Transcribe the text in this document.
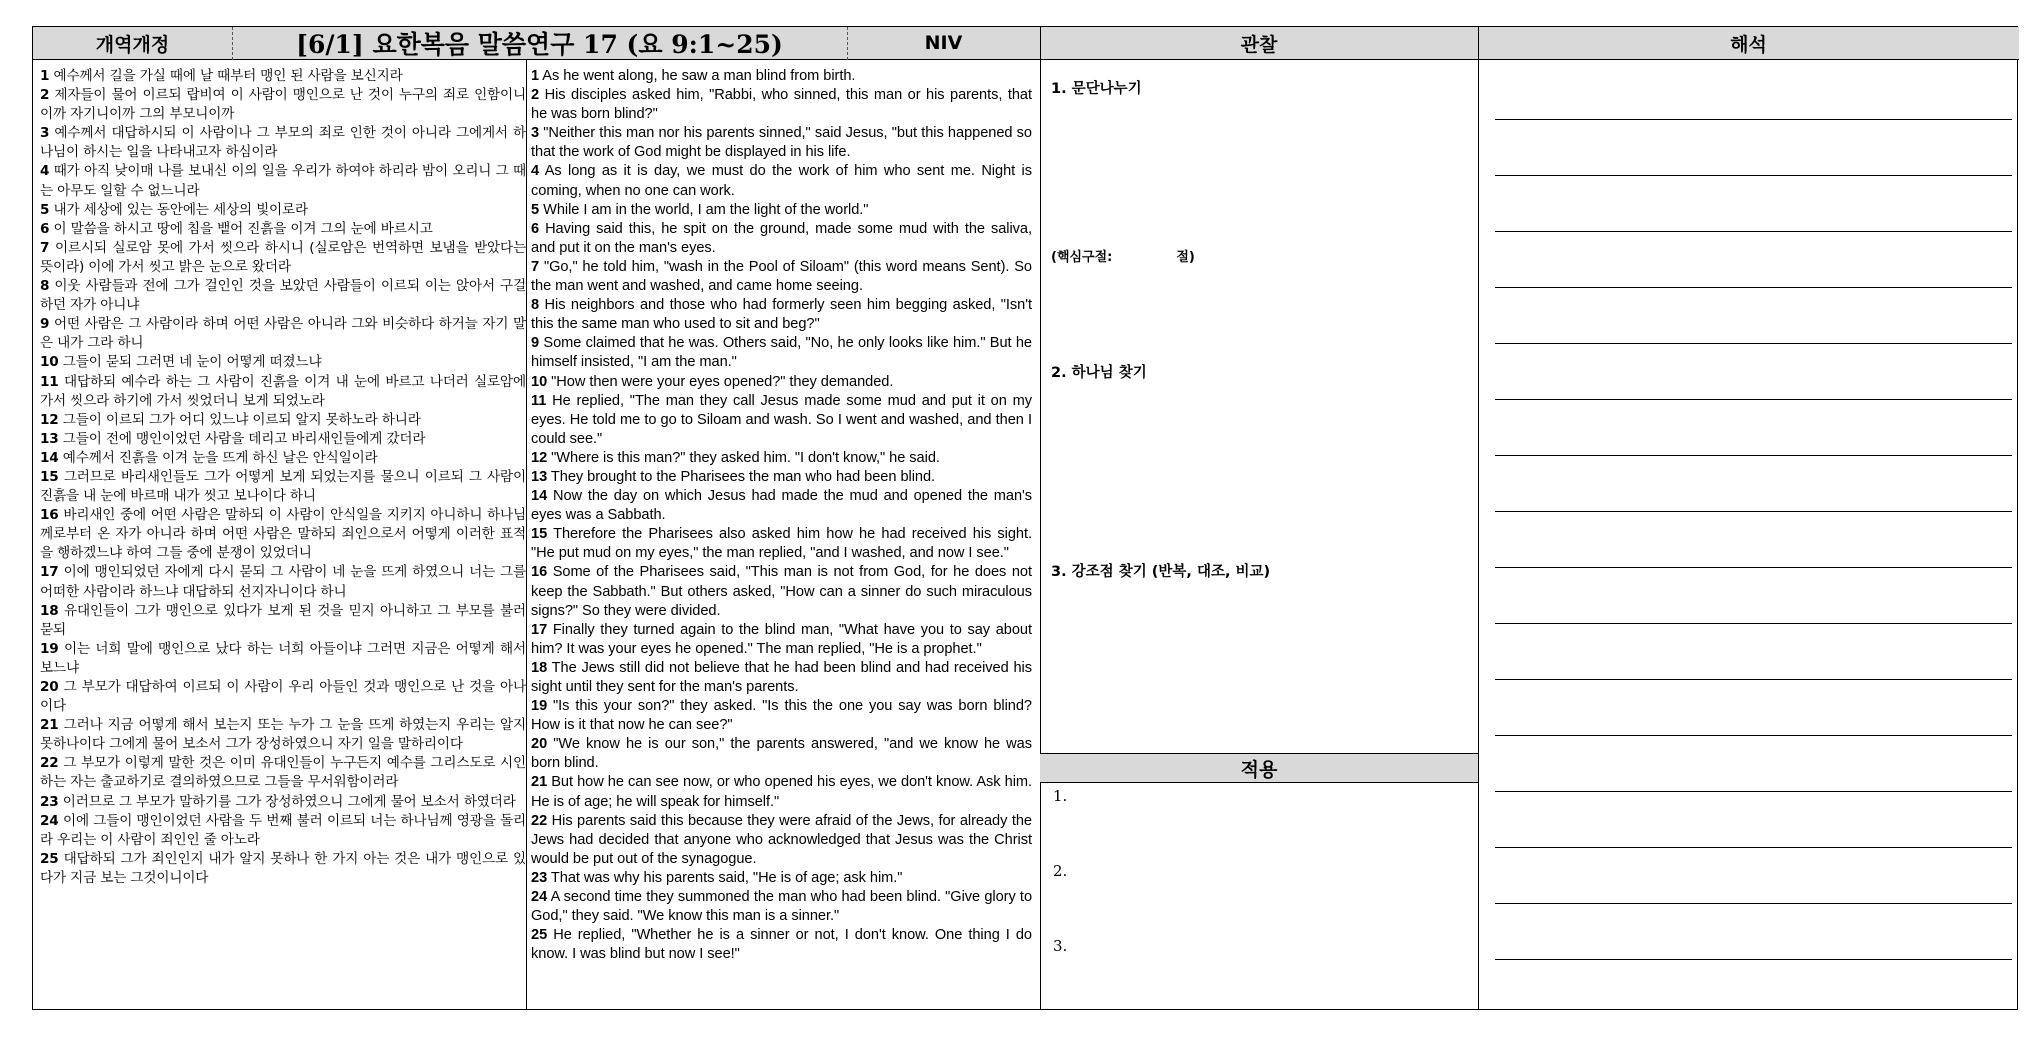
개역개정	[6/1] 요한복음 말씀연구 17 (요 9:1~25)	NIV	관찰	해석

1 예수께서 길을 가실 때에 날 때부터 맹인 된 사람을 보신지라

2 제자들이 물어 이르되 랍비여 이 사람이 맹인으로 난 것이 누구의 죄로 인함이니이까 자기니이까 그의 부모니이까

3 예수께서 대답하시되 이 사람이나 그 부모의 죄로 인한 것이 아니라 그에게서 하나님이 하시는 일을 나타내고자 하심이라

4 때가 아직 낮이매 나를 보내신 이의 일을 우리가 하여야 하리라 밤이 오리니 그 때는 아무도 일할 수 없느니라

5 내가 세상에 있는 동안에는 세상의 빛이로라

6 이 말씀을 하시고 땅에 침을 뱉어 진흙을 이겨 그의 눈에 바르시고

7 이르시되 실로암 못에 가서 씻으라 하시니 (실로암은 번역하면 보냄을 받았다는 뜻이라) 이에 가서 씻고 밝은 눈으로 왔더라

8 이웃 사람들과 전에 그가 걸인인 것을 보았던 사람들이 이르되 이는 앉아서 구걸하던 자가 아니냐

9 어떤 사람은 그 사람이라 하며 어떤 사람은 아니라 그와 비슷하다 하거늘 자기 말은 내가 그라 하니

10 그들이 묻되 그러면 네 눈이 어떻게 떠졌느냐

11 대답하되 예수라 하는 그 사람이 진흙을 이겨 내 눈에 바르고 나더러 실로암에 가서 씻으라 하기에 가서 씻었더니 보게 되었노라

12 그들이 이르되 그가 어디 있느냐 이르되 알지 못하노라 하니라

13 그들이 전에 맹인이었던 사람을 데리고 바리새인들에게 갔더라

14 예수께서 진흙을 이겨 눈을 뜨게 하신 날은 안식일이라

15 그러므로 바리새인들도 그가 어떻게 보게 되었는지를 물으니 이르되 그 사람이 진흙을 내 눈에 바르매 내가 씻고 보나이다 하니

16 바리새인 중에 어떤 사람은 말하되 이 사람이 안식일을 지키지 아니하니 하나님께로부터 온 자가 아니라 하며 어떤 사람은 말하되 죄인으로서 어떻게 이러한 표적을 행하겠느냐 하여 그들 중에 분쟁이 있었더니

17 이에 맹인되었던 자에게 다시 묻되 그 사람이 네 눈을 뜨게 하였으니 너는 그를 어떠한 사람이라 하느냐 대답하되 선지자니이다 하니

18 유대인들이 그가 맹인으로 있다가 보게 된 것을 믿지 아니하고 그 부모를 불러 묻되

19 이는 너희 말에 맹인으로 났다 하는 너희 아들이냐 그러면 지금은 어떻게 해서 보느냐

20 그 부모가 대답하여 이르되 이 사람이 우리 아들인 것과 맹인으로 난 것을 아나이다

21 그러나 지금 어떻게 해서 보는지 또는 누가 그 눈을 뜨게 하였는지 우리는 알지 못하나이다 그에게 물어 보소서 그가 장성하였으니 자기 일을 말하리이다

22 그 부모가 이렇게 말한 것은 이미 유대인들이 누구든지 예수를 그리스도로 시인하는 자는 출교하기로 결의하였으므로 그들을 무서워함이러라

23 이러므로 그 부모가 말하기를 그가 장성하였으니 그에게 물어 보소서 하였더라

24 이에 그들이 맹인이었던 사람을 두 번째 불러 이르되 너는 하나님께 영광을 돌리라 우리는 이 사람이 죄인인 줄 아노라

25 대답하되 그가 죄인인지 내가 알지 못하나 한 가지 아는 것은 내가 맹인으로 있다가 지금 보는 그것이니이다

1 As he went along, he saw a man blind from birth.

2 His disciples asked him, "Rabbi, who sinned, this man or his parents, that he was born blind?"

3 "Neither this man nor his parents sinned," said Jesus, "but this happened so that the work of God might be displayed in his life.

4 As long as it is day, we must do the work of him who sent me. Night is coming, when no one can work.

5 While I am in the world, I am the light of the world."

6 Having said this, he spit on the ground, made some mud with the saliva, and put it on the man's eyes.

7 "Go," he told him, "wash in the Pool of Siloam" (this word means Sent). So the man went and washed, and came home seeing.

8 His neighbors and those who had formerly seen him begging asked, "Isn't this the same man who used to sit and beg?"

9 Some claimed that he was. Others said, "No, he only looks like him." But he himself insisted, "I am the man."

10 "How then were your eyes opened?" they demanded.

11 He replied, "The man they call Jesus made some mud and put it on my eyes. He told me to go to Siloam and wash. So I went and washed, and then I could see."

12 "Where is this man?" they asked him. "I don't know," he said.

13 They brought to the Pharisees the man who had been blind.

14 Now the day on which Jesus had made the mud and opened the man's eyes was a Sabbath.

15 Therefore the Pharisees also asked him how he had received his sight. "He put mud on my eyes," the man replied, "and I washed, and now I see."

16 Some of the Pharisees said, "This man is not from God, for he does not keep the Sabbath." But others asked, "How can a sinner do such miraculous signs?" So they were divided.

17 Finally they turned again to the blind man, "What have you to say about him? It was your eyes he opened." The man replied, "He is a prophet."

18 The Jews still did not believe that he had been blind and had received his sight until they sent for the man's parents.

19 "Is this your son?" they asked. "Is this the one you say was born blind? How is it that now he can see?"

20 "We know he is our son," the parents answered, "and we know he was born blind.

21 But how he can see now, or who opened his eyes, we don't know. Ask him. He is of age; he will speak for himself."

22 His parents said this because they were afraid of the Jews, for already the Jews had decided that anyone who acknowledged that Jesus was the Christ would be put out of the synagogue.

23 That was why his parents said, "He is of age; ask him."

24 A second time they summoned the man who had been blind. "Give glory to God," they said. "We know this man is a sinner."

25 He replied, "Whether he is a sinner or not, I don't know. One thing I do know. I was blind but now I see!"

1. 문단나누기
(핵심구절:	절)
2. 하나님 찾기
3. 강조점 찾기 (반복, 대조, 비교)
적용
1.
2.
3.
